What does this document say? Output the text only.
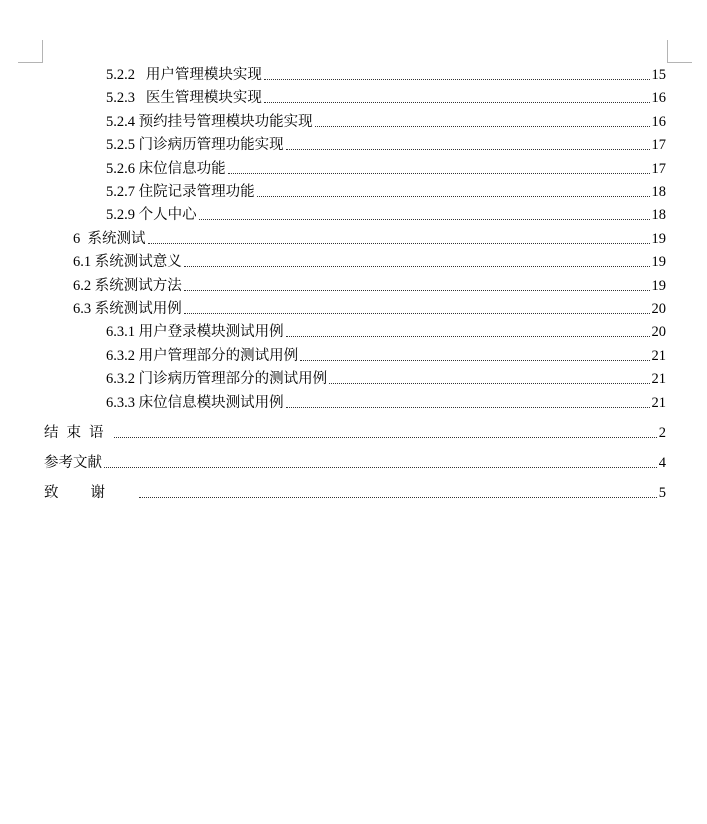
5.2.2   用户管理模块实现	15
5.2.3   医生管理模块实现	16
5.2.4 预约挂号管理模块功能实现	16
5.2.5 门诊病历管理功能实现	17
5.2.6 床位信息功能	17
5.2.7 住院记录管理功能	18
5.2.9 个人中心	18
6  系统测试	19
6.1 系统测试意义	19
6.2 系统测试方法	19
6.3 系统测试用例	20
6.3.1 用户登录模块测试用例	20
6.3.2 用户管理部分的测试用例	21
6.3.2 门诊病历管理部分的测试用例	21
6.3.3 床位信息模块测试用例	21
结束语	2
参考文献	4
致谢	5
